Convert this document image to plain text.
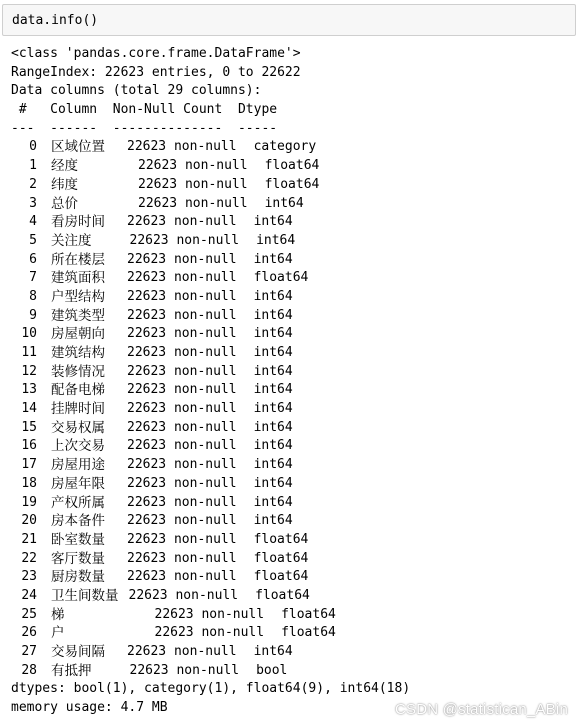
data.info()
<class 'pandas.core.frame.DataFrame'>
RangeIndex: 22623 entries, 0 to 22622
Data columns (total 29 columns):
#   Column  Non-Null Count  Dtype
---  ------  --------------  -----
0 区域位置 22623 non-null category
1 经度	22623 non-null float64
2 纬度	22623 non-null float64
3 总价	22623 non-null int64
4 看房时间 22623 non-null int64
5 关注度	22623 non-null int64
6 所在楼层 22623 non-null int64
7 建筑面积 22623 non-null float64
8 户型结构 22623 non-null int64
9 建筑类型 22623 non-null int64
10 房屋朝向 22623 non-null int64
11 建筑结构 22623 non-null int64
12 装修情况 22623 non-null int64
13 配备电梯 22623 non-null int64
14 挂牌时间 22623 non-null int64
15 交易权属 22623 non-null int64
16 上次交易 22623 non-null int64
17 房屋用途 22623 non-null int64
18 房屋年限 22623 non-null int64
19 产权所属 22623 non-null int64
20 房本备件 22623 non-null int64
21 卧室数量 22623 non-null float64
22 客厅数量 22623 non-null float64
23 厨房数量 22623 non-null float64
24 卫生间数量 22623 non-null float64
25 梯	22623 non-null float64
26 户	22623 non-null float64
27 交易间隔 22623 non-null int64
28 有抵押	22623 non-null bool
dtypes: bool(1), category(1), float64(9), int64(18)
memory usage: 4.7 MB	CSDN @statistican_ABin
